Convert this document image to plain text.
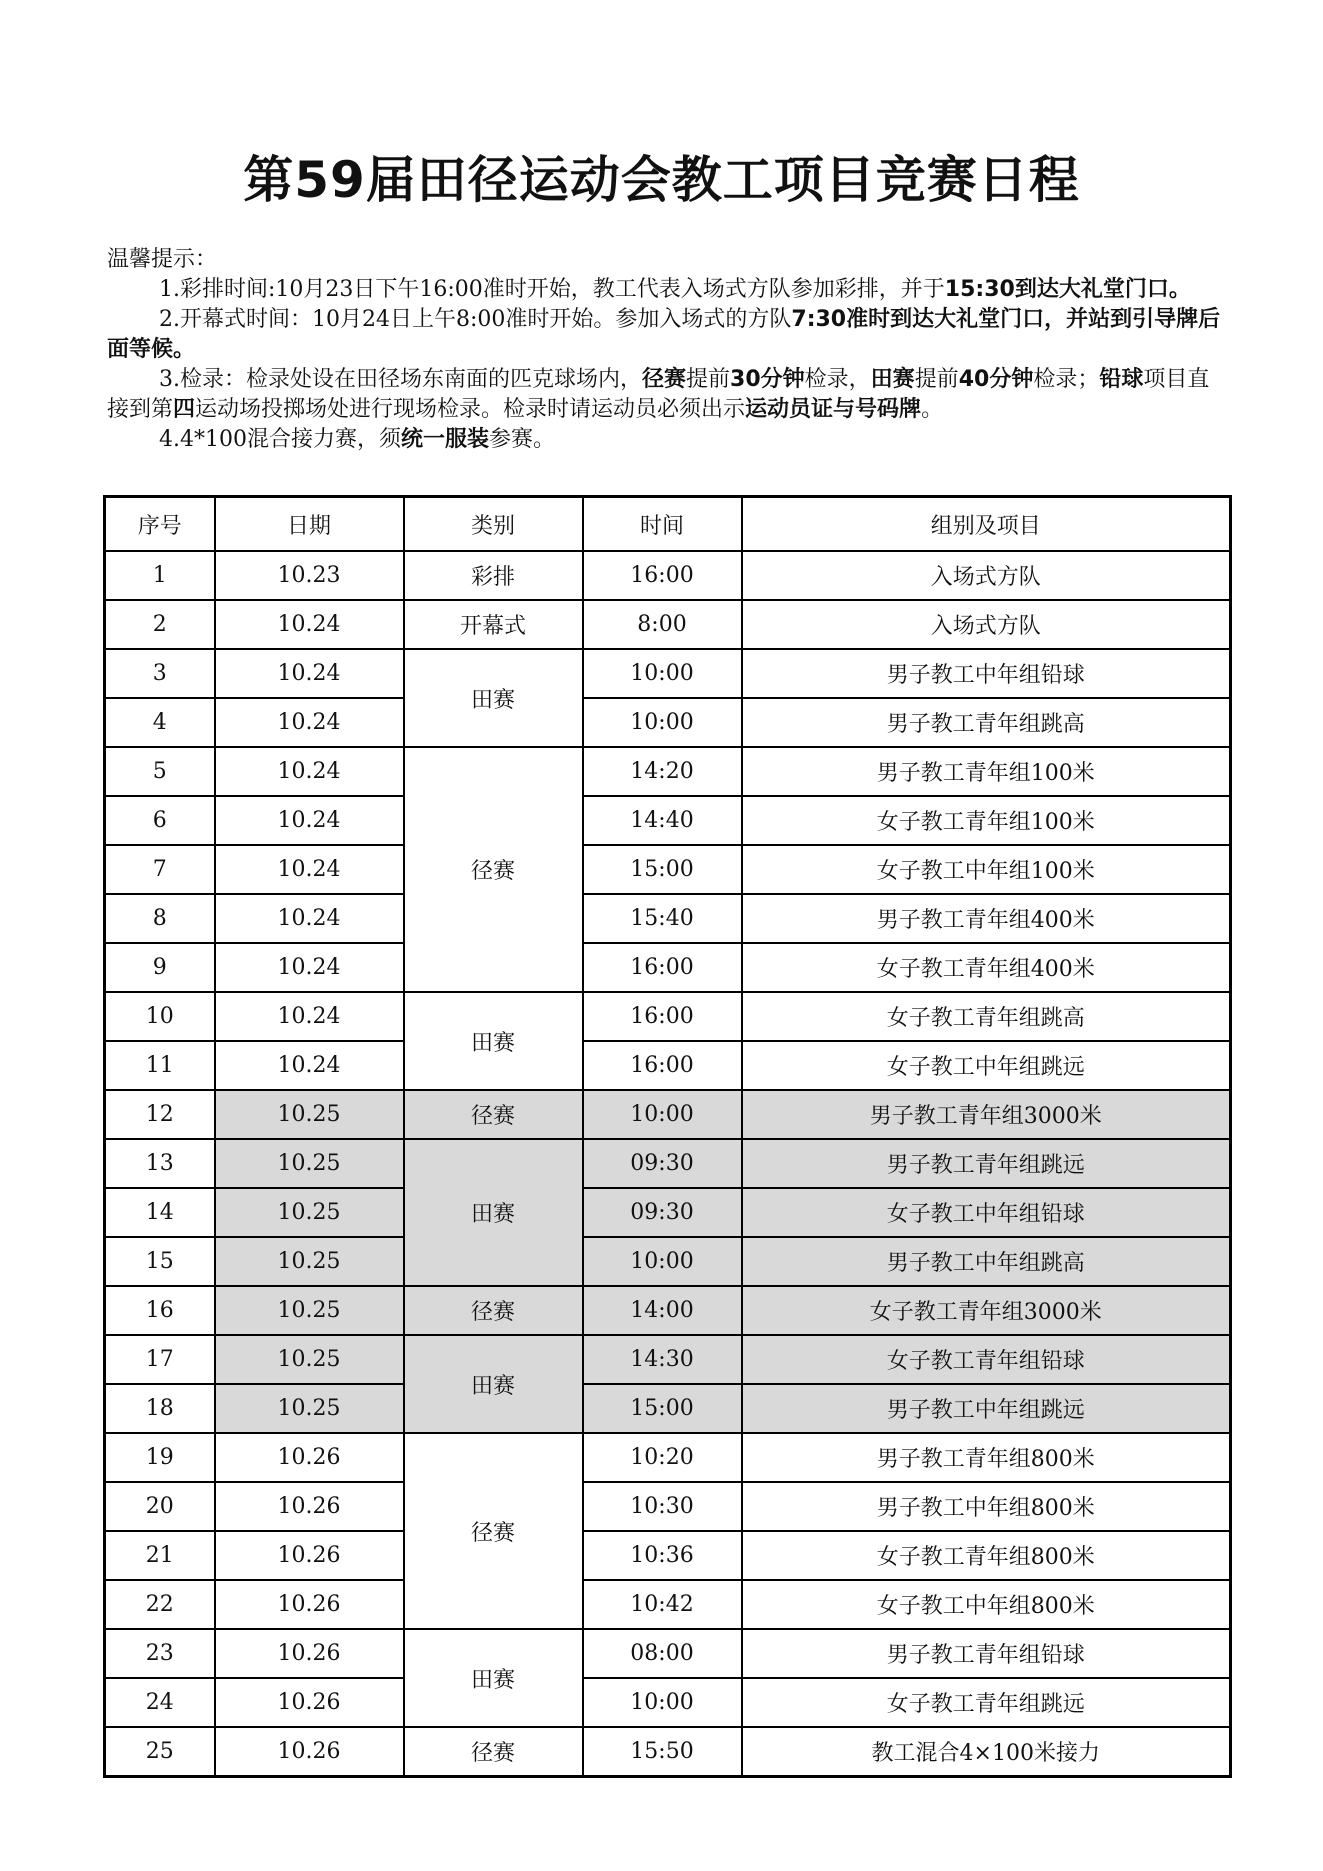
第59届田径运动会教工项目竞赛日程

温馨提示：

1.彩排时间:10月23日下午16:00准时开始，教工代表入场式方队参加彩排，并于15:30到达大礼堂门口。

2.开幕式时间：10月24日上午8:00准时开始。参加入场式的方队7:30准时到达大礼堂门口，并站到引导牌后面等候。

3.检录：检录处设在田径场东南面的匹克球场内，径赛提前30分钟检录，田赛提前40分钟检录；铅球项目直接到第四运动场投掷场处进行现场检录。检录时请运动员必须出示运动员证与号码牌。

4.4*100混合接力赛，须统一服装参赛。

序号	日期	类别	时间	组别及项目
1	10.23	彩排	16:00	入场式方队
2	10.24	开幕式	8:00	入场式方队
3	10.24	田赛	10:00	男子教工中年组铅球
4	10.24		10:00	男子教工青年组跳高
5	10.24	径赛	14:20	男子教工青年组100米
6	10.24		14:40	女子教工青年组100米
7	10.24		15:00	女子教工中年组100米
8	10.24		15:40	男子教工青年组400米
9	10.24		16:00	女子教工青年组400米
10	10.24	田赛	16:00	女子教工青年组跳高
11	10.24		16:00	女子教工中年组跳远
12	10.25	径赛	10:00	男子教工青年组3000米
13	10.25	田赛	09:30	男子教工青年组跳远
14	10.25		09:30	女子教工中年组铅球
15	10.25		10:00	男子教工中年组跳高
16	10.25	径赛	14:00	女子教工青年组3000米
17	10.25	田赛	14:30	女子教工青年组铅球
18	10.25		15:00	男子教工中年组跳远
19	10.26	径赛	10:20	男子教工青年组800米
20	10.26		10:30	男子教工中年组800米
21	10.26		10:36	女子教工青年组800米
22	10.26		10:42	女子教工中年组800米
23	10.26	田赛	08:00	男子教工青年组铅球
24	10.26		10:00	女子教工青年组跳远
25	10.26	径赛	15:50	教工混合4×100米接力
